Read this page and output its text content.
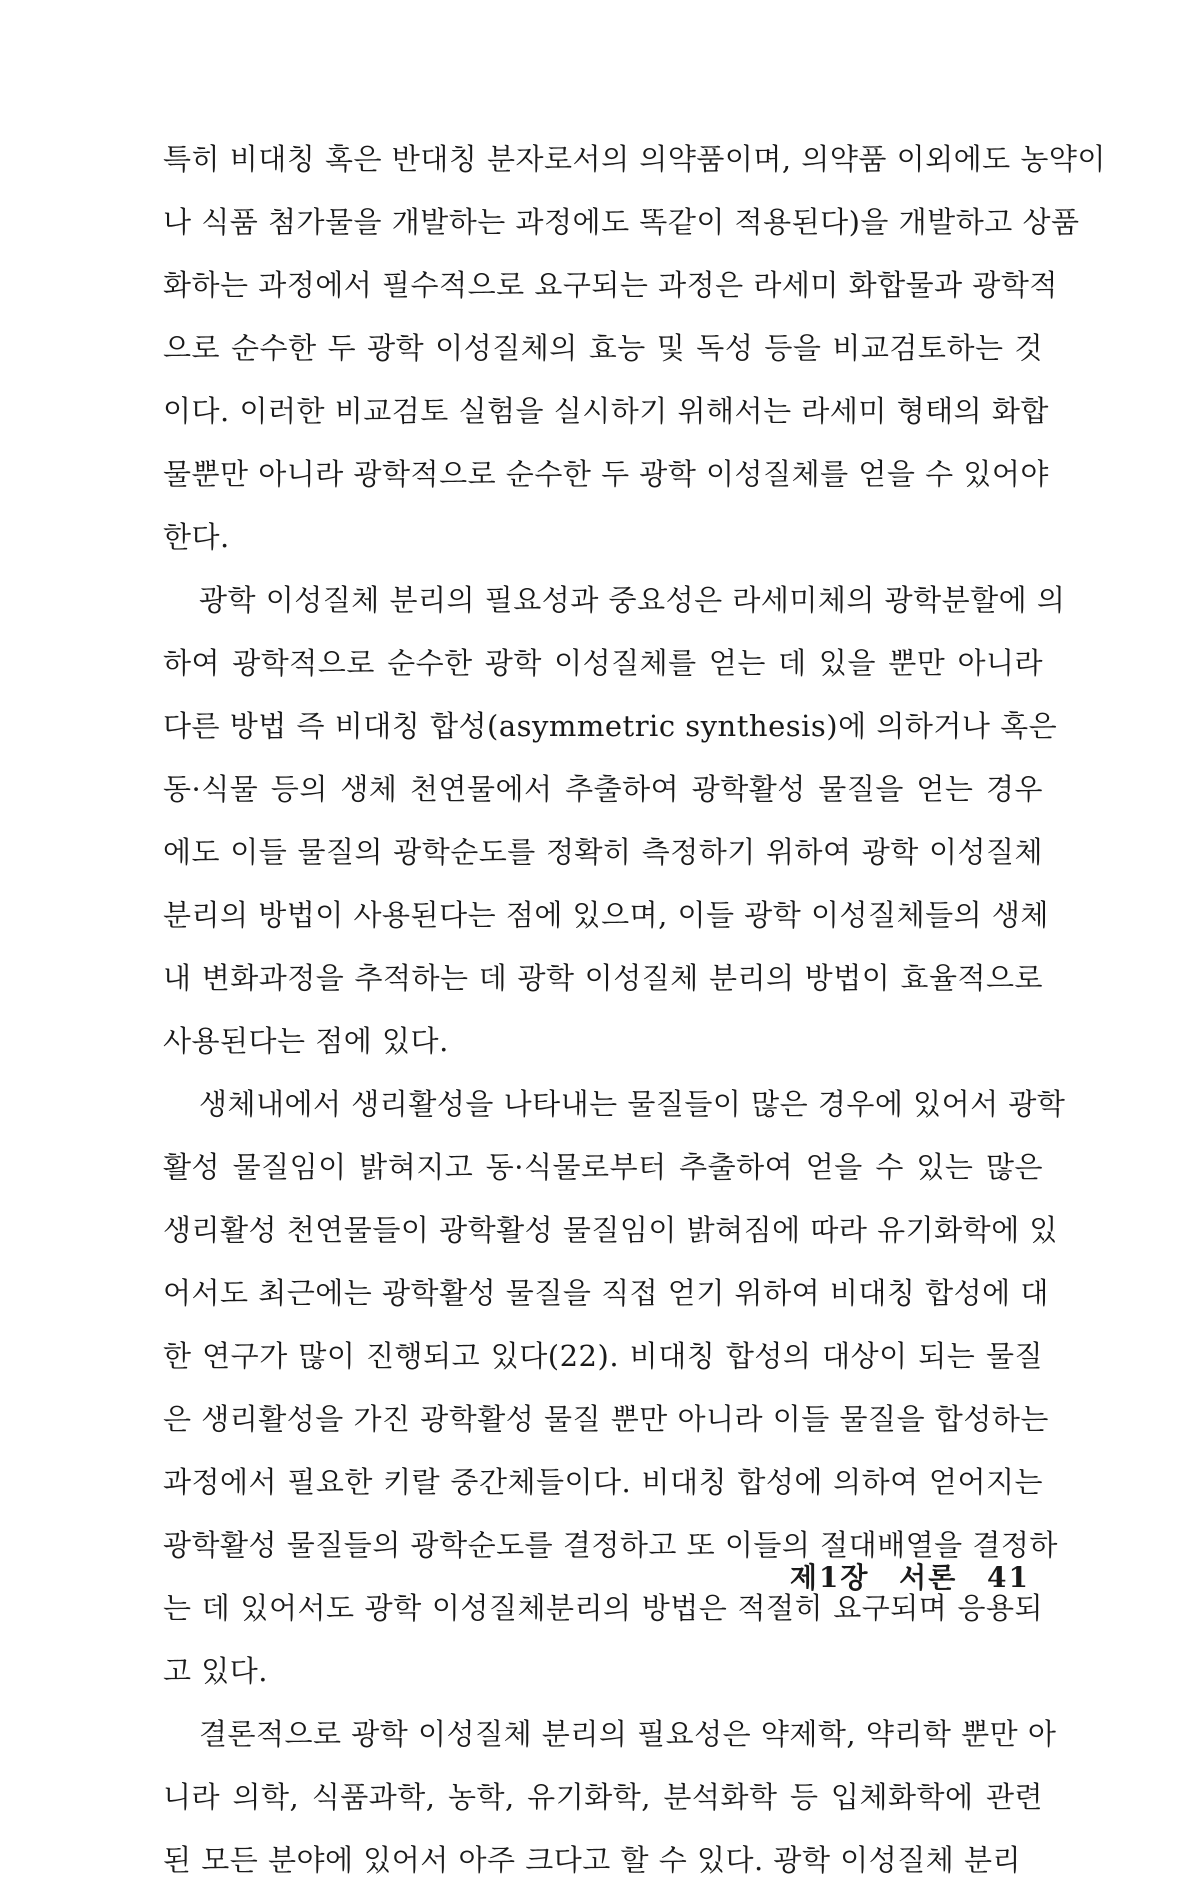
특히 비대칭 혹은 반대칭 분자로서의 의약품이며, 의약품 이외에도 농약이
나 식품 첨가물을 개발하는 과정에도 똑같이 적용된다)을 개발하고 상품
화하는 과정에서 필수적으로 요구되는 과정은 라세미 화합물과 광학적
으로 순수한 두 광학 이성질체의 효능 및 독성 등을 비교검토하는 것
이다. 이러한 비교검토 실험을 실시하기 위해서는 라세미 형태의 화합
물뿐만 아니라 광학적으로 순수한 두 광학 이성질체를 얻을 수 있어야
한다.
광학 이성질체 분리의 필요성과 중요성은 라세미체의 광학분할에 의
하여 광학적으로 순수한 광학 이성질체를 얻는 데 있을 뿐만 아니라
다른 방법 즉 비대칭 합성(asymmetric synthesis)에 의하거나 혹은
동·식물 등의 생체 천연물에서 추출하여 광학활성 물질을 얻는 경우
에도 이들 물질의 광학순도를 정확히 측정하기 위하여 광학 이성질체
분리의 방법이 사용된다는 점에 있으며, 이들 광학 이성질체들의 생체
내 변화과정을 추적하는 데 광학 이성질체 분리의 방법이 효율적으로
사용된다는 점에 있다.
생체내에서 생리활성을 나타내는 물질들이 많은 경우에 있어서 광학
활성 물질임이 밝혀지고 동·식물로부터 추출하여 얻을 수 있는 많은
생리활성 천연물들이 광학활성 물질임이 밝혀짐에 따라 유기화학에 있
어서도 최근에는 광학활성 물질을 직접 얻기 위하여 비대칭 합성에 대
한 연구가 많이 진행되고 있다(22). 비대칭 합성의 대상이 되는 물질
은 생리활성을 가진 광학활성 물질 뿐만 아니라 이들 물질을 합성하는
과정에서 필요한 키랄 중간체들이다. 비대칭 합성에 의하여 얻어지는
광학활성 물질들의 광학순도를 결정하고 또 이들의 절대배열을 결정하
는 데 있어서도 광학 이성질체분리의 방법은 적절히 요구되며 응용되
고 있다.
결론적으로 광학 이성질체 분리의 필요성은 약제학, 약리학 뿐만 아
니라 의학, 식품과학, 농학, 유기화학, 분석화학 등 입체화학에 관련
된 모든 분야에 있어서 아주 크다고 할 수 있다. 광학 이성질체 분리
제1장 서론 41
